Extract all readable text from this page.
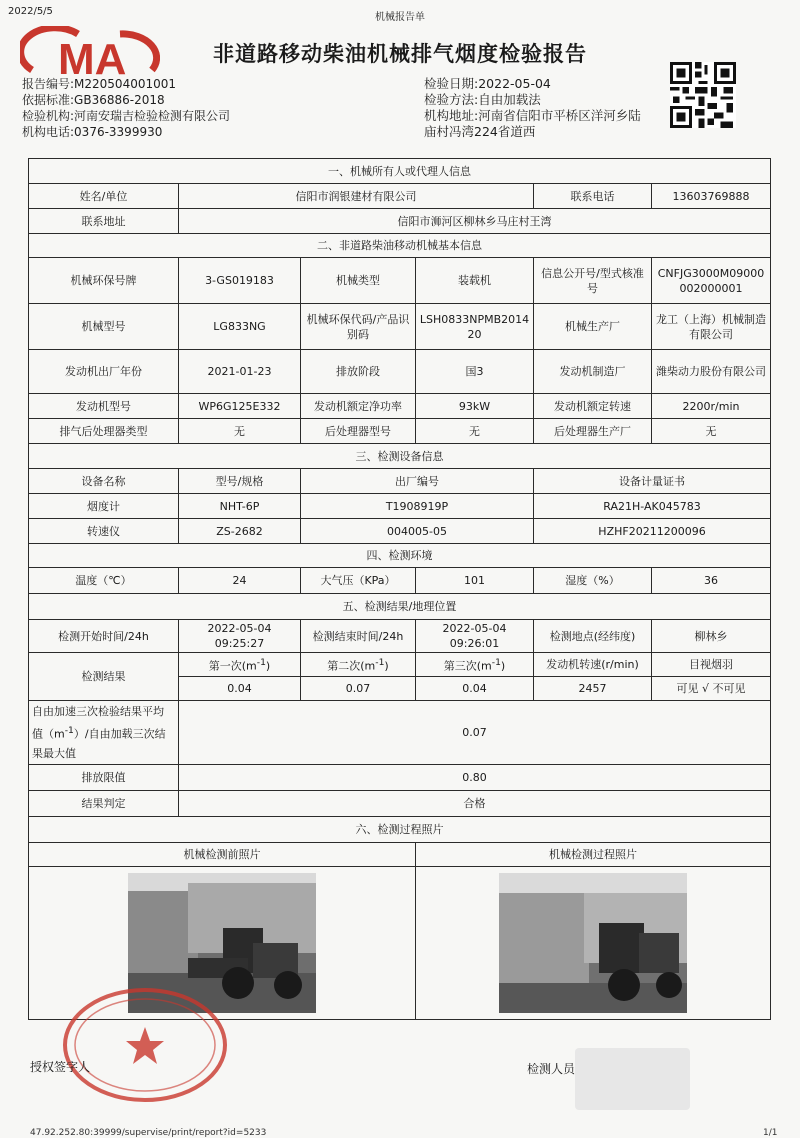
2022/5/5
机械报告单
MA	非道路移动柴油机械排气烟度检验报告
报告编号:M220504001001
依据标准:GB36886-2018
检验机构:河南安瑞吉检验检测有限公司
机构电话:0376-3399930
检验日期:2022-05-04
检验方法:自由加载法
机构地址:河南省信阳市平桥区洋河乡陆
庙村冯湾224省道西
一、机械所有人或代理人信息					
姓名/单位	信阳市润银建材有限公司			联系电话	13603769888
联系地址	信阳市浉河区柳林乡马庄村王湾				
二、非道路柴油移动机械基本信息					
机械环保号牌	3-GS019183	机械类型	装载机	信息公开号/型式核准号	CNFJG3000M09000002000001
机械型号	LG833NG	机械环保代码/产品识别码	LSH0833NPMB201420	机械生产厂	龙工（上海）机械制造有限公司
发动机出厂年份	2021-01-23	排放阶段	国3	发动机制造厂	潍柴动力股份有限公司
发动机型号	WP6G125E332	发动机额定净功率	93kW	发动机额定转速	2200r/min
排气后处理器类型	无	后处理器型号	无	后处理器生产厂	无
三、检测设备信息					
设备名称	型号/规格	出厂编号		设备计量证书	
烟度计	NHT-6P	T1908919P		RA21H-AK045783	
转速仪	ZS-2682	004005-05		HZHF20211200096	
四、检测环境					
温度（℃）	24	大气压（KPa）	101	湿度（%）	36
五、检测结果/地理位置					
检测开始时间/24h	2022-05-04 09:25:27	检测结束时间/24h	2022-05-04 09:26:01	检测地点(经纬度)	柳林乡
检测结果	第一次$(m^{-1})$	第二次$(m^{-1})$	第三次$(m^{-1})$	发动机转速(r/min)	目视烟羽
	0.04	0.07	0.04	2457	可见 √ 不可见
自由加速三次检验结果平均
值$(m^{-1})/$自由加载三次结
果最大值	0.07				
排放限值	0.80				
结果判定	合格				
六、检测过程照片					
机械检测前照片			机械检测过程照片		

授权签字人	检测人员
47.92.252.80:39999/supervise/print/report?id=5233	1/1
